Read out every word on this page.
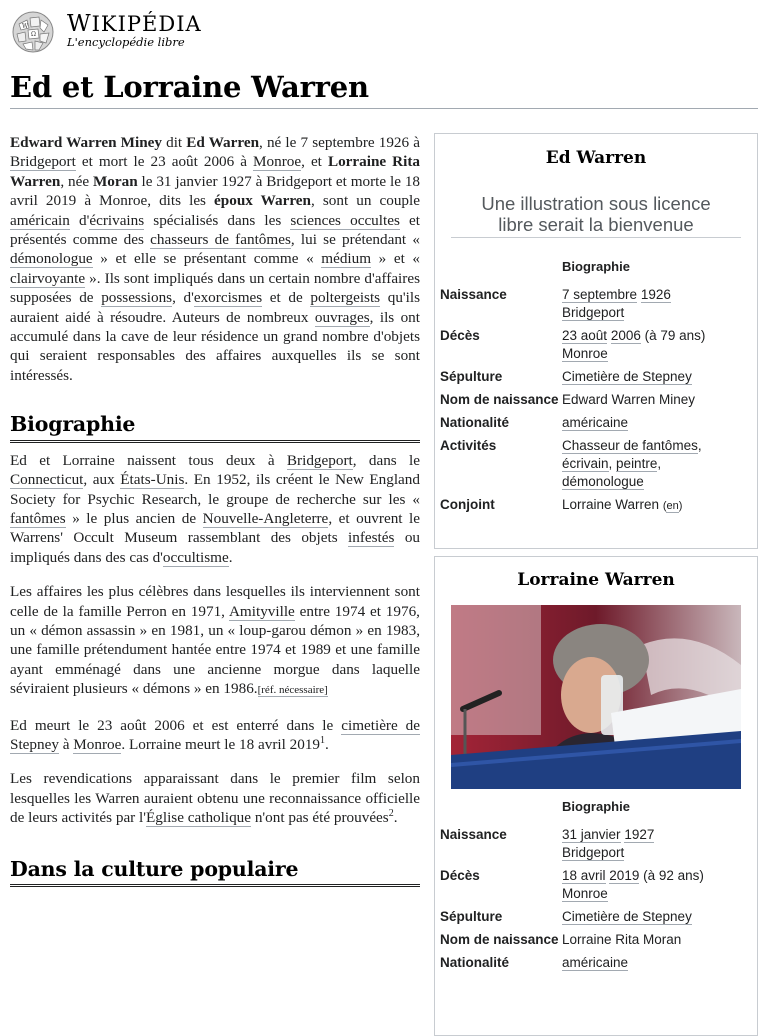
W
Ω WIKIPÉDIA
L'encyclopédie libre
Ed et Lorraine Warren

Edward Warren Miney dit Ed Warren, né le 7 septembre 1926 à Bridgeport et mort le 23 août 2006 à Monroe, et Lorraine Rita Warren, née Moran le 31 janvier 1927 à Bridgeport et morte le 18 avril 2019 à Monroe, dits les époux Warren, sont un couple américain d'écrivains spécialisés dans les sciences occultes et présentés comme des chasseurs de fantômes, lui se prétendant « démonologue » et elle se présentant comme « médium » et « clairvoyante ». Ils sont impliqués dans un certain nombre d'affaires supposées de possessions, d'exorcismes et de poltergeists qu'ils auraient aidé à résoudre. Auteurs de nombreux ouvrages, ils ont accumulé dans la cave de leur résidence un grand nombre d'objets qui seraient responsables des affaires auxquelles ils se sont intéressés.

Biographie

Ed et Lorraine naissent tous deux à Bridgeport, dans le Connecticut, aux États-Unis. En 1952, ils créent le New England Society for Psychic Research, le groupe de recherche sur les « fantômes » le plus ancien de Nouvelle-Angleterre, et ouvrent le Warrens' Occult Museum rassemblant des objets infestés ou impliqués dans des cas d'occultisme.

Les affaires les plus célèbres dans lesquelles ils interviennent sont celle de la famille Perron en 1971, Amityville entre 1974 et 1976, un « démon assassin » en 1981, un « loup-garou démon » en 1983, une famille prétendument hantée entre 1974 et 1989 et une famille ayant emménagé dans une ancienne morgue dans laquelle séviraient plusieurs « démons » en 1986.[réf. nécessaire]

Ed meurt le 23 août 2006 et est enterré dans le cimetière de Stepney à Monroe. Lorraine meurt le 18 avril 2019$^1$.

Les revendications apparaissant dans le premier film selon lesquelles les Warren auraient obtenu une reconnaissance officielle de leurs activités par l'Église catholique n'ont pas été prouvées$^2$.

Dans la culture populaire
Ed Warren
Une illustration sous licence
libre serait la bienvenue
Biographie
Naissance	7 septembre 1926
Bridgeport
Décès	23 août 2006 (à 79 ans)
Monroe
Sépulture	Cimetière de Stepney
Nom de naissance Edward Warren Miney
Nationalité	américaine
Activités	Chasseur de fantômes,
écrivain, peintre,
démonologue
Conjoint	Lorraine Warren (en)
Lorraine Warren
Biographie
Naissance	31 janvier 1927
Bridgeport
Décès	18 avril 2019 (à 92 ans)
Monroe
Sépulture	Cimetière de Stepney
Nom de naissance Lorraine Rita Moran
Nationalité	américaine
